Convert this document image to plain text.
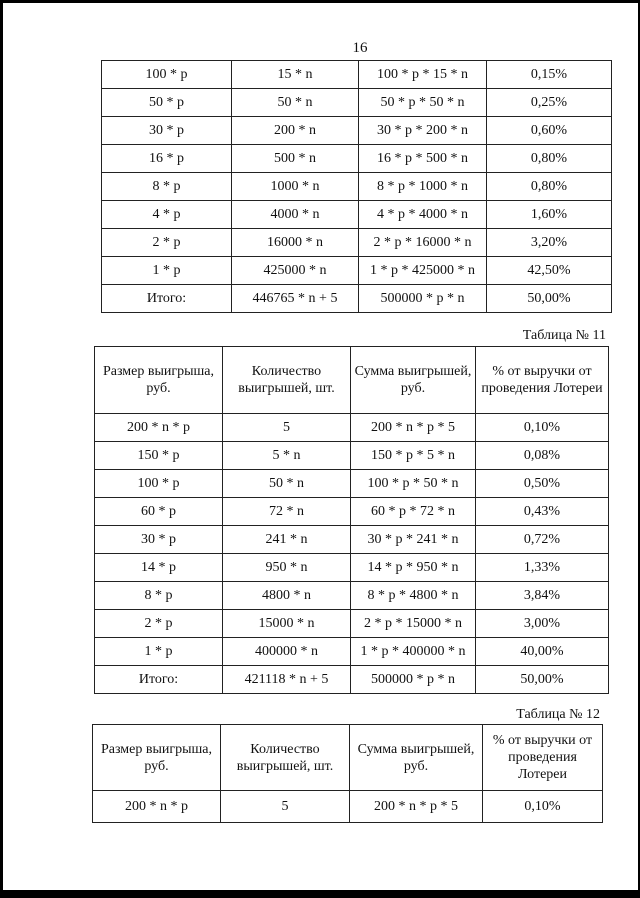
16
100 * p	15 * n	100 * p * 15 * n	0,15%
50 * p	50 * n	50 * p * 50 * n	0,25%
30 * p	200 * n	30 * p * 200 * n	0,60%
16 * p	500 * n	16 * p * 500 * n	0,80%
8 * p	1000 * n	8 * p * 1000 * n	0,80%
4 * p	4000 * n	4 * p * 4000 * n	1,60%
2 * p	16000 * n	2 * p * 16000 * n	3,20%
1 * p	425000 * n	1 * p * 425000 * n	42,50%
Итого:	446765 * n + 5	500000 * p * n	50,00%
Таблица № 11
Размер выигрыша, руб.	Количество выигрышей, шт.	Сумма выигрышей, руб.	% от выручки от проведения Лотереи
200 * n * p	5	200 * n * p * 5	0,10%
150 * p	5 * n	150 * p * 5 * n	0,08%
100 * p	50 * n	100 * p * 50 * n	0,50%
60 * p	72 * n	60 * p * 72 * n	0,43%
30 * p	241 * n	30 * p * 241 * n	0,72%
14 * p	950 * n	14 * p * 950 * n	1,33%
8 * p	4800 * n	8 * p * 4800 * n	3,84%
2 * p	15000 * n	2 * p * 15000 * n	3,00%
1 * p	400000 * n	1 * p * 400000 * n	40,00%
Итого:	421118 * n + 5	500000 * p * n	50,00%
Таблица № 12
Размер выигрыша, руб.	Количество выигрышей, шт.	Сумма выигрышей, руб.	% от выручки от проведения Лотереи
200 * n * p	5	200 * n * p * 5	0,10%
